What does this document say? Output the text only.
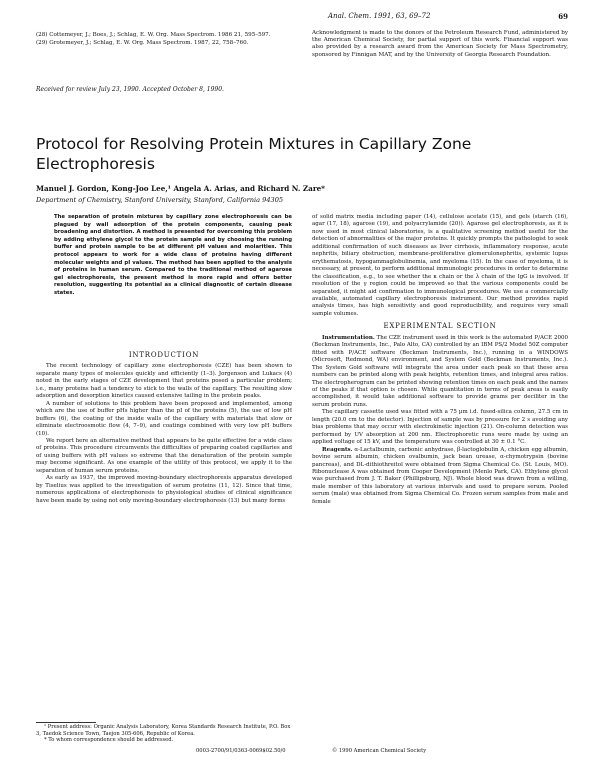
Anal. Chem. 1991, 63, 69–72	69

(28) Cottemeyer, J.; Boes, J.; Schlag, E. W. Org. Mass Spectrom. 1986 21, 595–597.

(29) Grotemeyer, J.; Schlag, E. W. Org. Mass Spectrom. 1987, 22, 758–760.

Acknowledgment is made to the donors of the Petroleum Research Fund, administered by the American Chemical Society, for partial support of this work. Financial support was also provided by a research award from the American Society for Mass Spectrometry, sponsored by Finnigan MAT, and by the University of Georgia Research Foundation.
Received for review July 23, 1990. Accepted October 8, 1990.
Protocol for Resolving Protein Mixtures in Capillary Zone Electrophoresis
Manuel J. Gordon, Kong-Joo Lee,¹ Angela A. Arias, and Richard N. Zare*
Department of Chemistry, Stanford University, Stanford, California 94305
The separation of protein mixtures by capillary zone electrophoresis can be plagued by wall adsorption of the protein components, causing peak broadening and distortion. A method is presented for overcoming this problem by adding ethylene glycol to the protein sample and by choosing the running buffer and protein sample to be at different pH values and molarities. This protocol appears to work for a wide class of proteins having different molecular weights and pI values. The method has been applied to the analysis of proteins in human serum. Compared to the traditional method of agarose gel electrophoresis, the present method is more rapid and offers better resolution, suggesting its potential as a clinical diagnostic of certain disease states.
INTRODUCTION

The recent technology of capillary zone electrophoresis (CZE) has been shown to separate many types of molecules quickly and efficiently (1–3). Jorgenson and Lukacs (4) noted in the early stages of CZE development that proteins posed a particular problem; i.e., many proteins had a tendency to stick to the walls of the capillary. The resulting slow adsorption and desorption kinetics caused extensive tailing in the protein peaks.

A number of solutions to this problem have been proposed and implemented, among which are the use of buffer pHs higher than the pI of the proteins (5), the use of low pH buffers (6), the coating of the inside walls of the capillary with materials that slow or eliminate electroosmotic flow (4, 7–9), and coatings combined with very low pH buffers (10).

We report here an alternative method that appears to be quite effective for a wide class of proteins. This procedure circumvents the difficulties of preparing coated capillaries and of using buffers with pH values so extreme that the denaturation of the protein sample may become significant. As one example of the utility of this protocol, we apply it to the separation of human serum proteins.

As early as 1937, the improved moving-boundary electrophoresis apparatus developed by Tiselius was applied to the investigation of serum proteins (11, 12). Since that time, numerous applications of electrophoresis to physiological studies of clinical significance have been made by using not only moving-boundary electrophoresis (13) but many forms

¹ Present address: Organic Analysis Laboratory, Korea Standards Research Institute, P.O. Box 3, Taedok Science Town, Taejon 305-606, Republic of Korea.

* To whom correspondence should be addressed.

of solid matrix media including paper (14), cellulose acetate (15), and gels (starch (16), agar (17, 18), agarose (19), and polyacrylamide (20)). Agarose gel electrophoresis, as it is now used in most clinical laboratories, is a qualitative screening method useful for the detection of abnormalities of the major proteins. It quickly prompts the pathologist to seek additional confirmation of such diseases as liver cirrhosis, inflammatory response, acute nephritis, biliary obstruction, membrane-proliferative glomerulonephritis, systemic lupus erythematosis, hypogammaglobulinemia, and myeloma (15). In the case of myeloma, it is necessary, at present, to perform additional immunologic procedures in order to determine the classification, e.g., to see whether the κ chain or the λ chain of the IgG is involved. If resolution of the γ region could be improved so that the various components could be separated, it might aid confirmation to immunological procedures. We use a commercially available, automated capillary electrophoresis instrument. Our method provides rapid analysis times, has high sensitivity and good reproducibility, and requires very small sample volumes.

EXPERIMENTAL SECTION

Instrumentation. The CZE instrument used in this work is the automated P/ACE 2000 (Beckman Instruments, Inc., Palo Alto, CA) controlled by an IBM PS/2 Model 50Z computer fitted with P/ACE software (Beckman Instruments, Inc.), running in a WINDOWS (Microsoft, Redmond, WA) environment, and System Gold (Beckman Instruments, Inc.). The System Gold software will integrate the area under each peak so that these area numbers can be printed along with peak heights, retention times, and integral area ratios. The electropherogram can be printed showing retention times on each peak and the names of the peaks if that option is chosen. While quantitation in terms of peak areas is easily accomplished, it would take additional software to provide grams per deciliter in the serum protein runs.

The capillary cassette used was fitted with a 75 µm i.d. fused-silica column, 27.5 cm in length (20.0 cm to the detector). Injection of sample was by pressure for 2 s avoiding any bias problems that may occur with electrokinetic injection (21). On-column detection was performed by UV absorption at 200 nm. Electrophoretic runs were made by using an applied voltage of 15 kV, and the temperature was controlled at 30 ± 0.1 °C.

Reagents. α-Lactalbumin, carbonic anhydrase, β-lactoglobulin A, chicken egg albumin, bovine serum albumin, chicken ovalbumin, jack bean urease, α-chymotrypsin (bovine pancreas), and DL-dithiothreitol were obtained from Sigma Chemical Co. (St. Louis, MO). Ribonuclease A was obtained from Cooper Development (Menlo Park, CA). Ethylene glycol was purchased from J. T. Baker (Phillipsburg, NJ). Whole blood was drawn from a willing, male member of this laboratory at various intervals and used to prepare serum. Pooled serum (male) was obtained from Sigma Chemical Co. Frozen serum samples from male and female

0003-2700/91/0363-0069$02.50/0	© 1990 American Chemical Society
